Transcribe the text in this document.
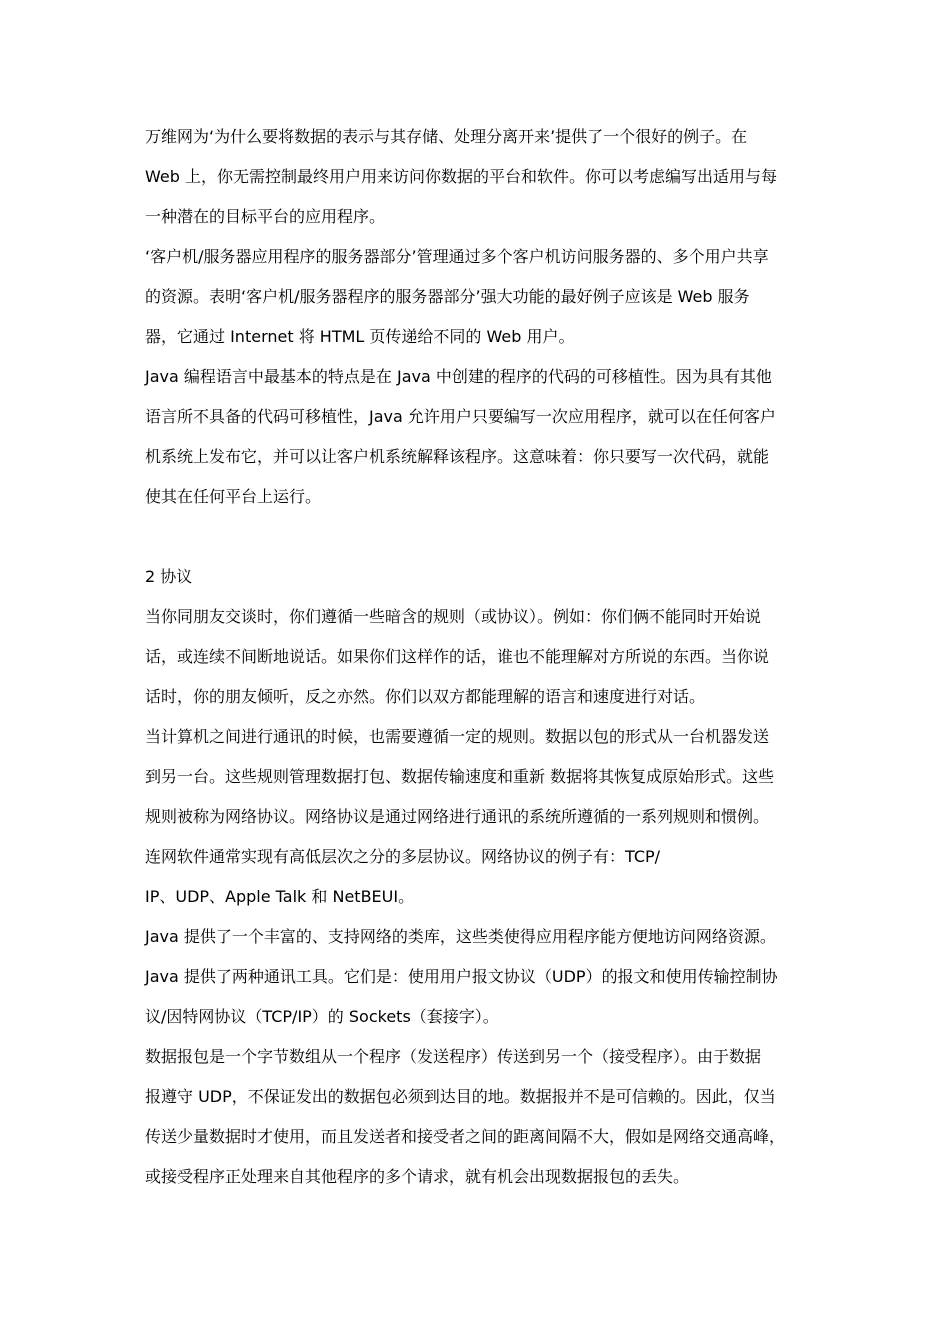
万维网为‘为什么要将数据的表示与其存储、处理分离开来’提供了一个很好的例子。在
Web 上，你无需控制最终用户用来访问你数据的平台和软件。你可以考虑编写出适用与每
一种潜在的目标平台的应用程序。
‘客户机/服务器应用程序的服务器部分’管理通过多个客户机访问服务器的、多个用户共享
的资源。表明‘客户机/服务器程序的服务器部分’强大功能的最好例子应该是 Web 服务
器，它通过 Internet 将 HTML 页传递给不同的 Web 用户。
Java 编程语言中最基本的特点是在 Java 中创建的程序的代码的可移植性。因为具有其他
语言所不具备的代码可移植性，Java 允许用户只要编写一次应用程序，就可以在任何客户
机系统上发布它，并可以让客户机系统解释该程序。这意味着：你只要写一次代码，就能
使其在任何平台上运行。
2 协议
当你同朋友交谈时，你们遵循一些暗含的规则（或协议）。例如：你们俩不能同时开始说
话，或连续不间断地说话。如果你们这样作的话，谁也不能理解对方所说的东西。当你说
话时，你的朋友倾听，反之亦然。你们以双方都能理解的语言和速度进行对话。
当计算机之间进行通讯的时候，也需要遵循一定的规则。数据以包的形式从一台机器发送
到另一台。这些规则管理数据打包、数据传输速度和重新 数据将其恢复成原始形式。这些
规则被称为网络协议。网络协议是通过网络进行通讯的系统所遵循的一系列规则和惯例。
连网软件通常实现有高低层次之分的多层协议。网络协议的例子有：TCP/
IP、UDP、Apple Talk 和 NetBEUI。
Java 提供了一个丰富的、支持网络的类库，这些类使得应用程序能方便地访问网络资源。
Java 提供了两种通讯工具。它们是：使用用户报文协议（UDP）的报文和使用传输控制协
议/因特网协议（TCP/IP）的 Sockets（套接字）。
数据报包是一个字节数组从一个程序（发送程序）传送到另一个（接受程序）。由于数据
报遵守 UDP，不保证发出的数据包必须到达目的地。数据报并不是可信赖的。因此，仅当
传送少量数据时才使用，而且发送者和接受者之间的距离间隔不大，假如是网络交通高峰，
或接受程序正处理来自其他程序的多个请求，就有机会出现数据报包的丢失。
